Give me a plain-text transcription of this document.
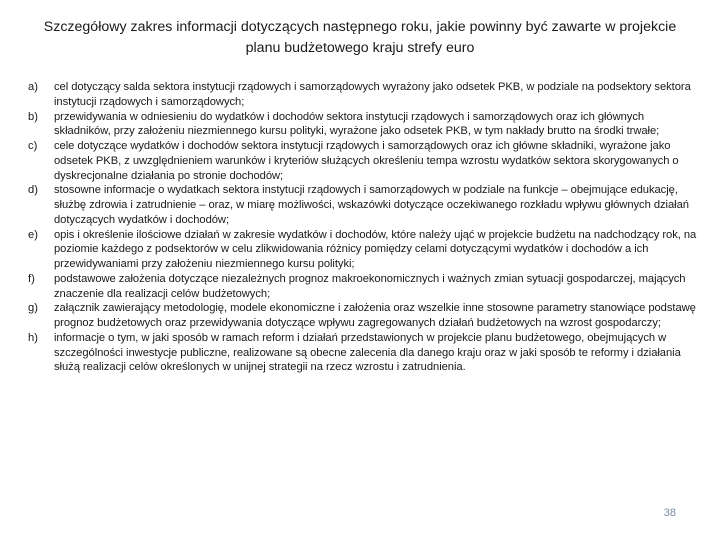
Szczegółowy zakres informacji dotyczących następnego roku, jakie powinny być zawarte w projekcie planu budżetowego kraju strefy euro
a)	cel dotyczący salda sektora instytucji rządowych i samorządowych wyrażony jako odsetek PKB, w podziale na podsektory sektora instytucji rządowych i samorządowych;
b)	przewidywania w odniesieniu do wydatków i dochodów sektora instytucji rządowych i samorządowych oraz ich głównych składników, przy założeniu niezmiennego kursu polityki, wyrażone jako odsetek PKB, w tym nakłady brutto na środki trwałe;
c)	cele dotyczące wydatków i dochodów sektora instytucji rządowych i samorządowych oraz ich główne składniki, wyrażone jako odsetek PKB, z uwzględnieniem warunków i kryteriów służących określeniu tempa wzrostu wydatków sektora skorygowanych o dyskrecjonalne działania po stronie dochodów;
d)	stosowne informacje o wydatkach sektora instytucji rządowych i samorządowych w podziale na funkcje – obejmujące edukację, służbę zdrowia i zatrudnienie – oraz, w miarę możliwości, wskazówki dotyczące oczekiwanego rozkładu wpływu głównych działań dotyczących wydatków i dochodów;
e)	opis i określenie ilościowe działań w zakresie wydatków i dochodów, które należy ująć w projekcie budżetu na nadchodzący rok, na poziomie każdego z podsektorów w celu zlikwidowania różnicy pomiędzy celami dotyczącymi wydatków i dochodów a ich przewidywaniami przy założeniu niezmiennego kursu polityki;
f)	podstawowe założenia dotyczące niezależnych prognoz makroekonomicznych i ważnych zmian sytuacji gospodarczej, mających znaczenie dla realizacji celów budżetowych;
g)	załącznik zawierający metodologię, modele ekonomiczne i założenia oraz wszelkie inne stosowne parametry stanowiące podstawę prognoz budżetowych oraz przewidywania dotyczące wpływu zagregowanych działań budżetowych na wzrost gospodarczy;
h)	informacje o tym, w jaki sposób w ramach reform i działań przedstawionych w projekcie planu budżetowego, obejmujących w szczególności inwestycje publiczne, realizowane są obecne zalecenia dla danego kraju oraz w jaki sposób te reformy i działania służą realizacji celów określonych w unijnej strategii na rzecz wzrostu i zatrudnienia.
38
